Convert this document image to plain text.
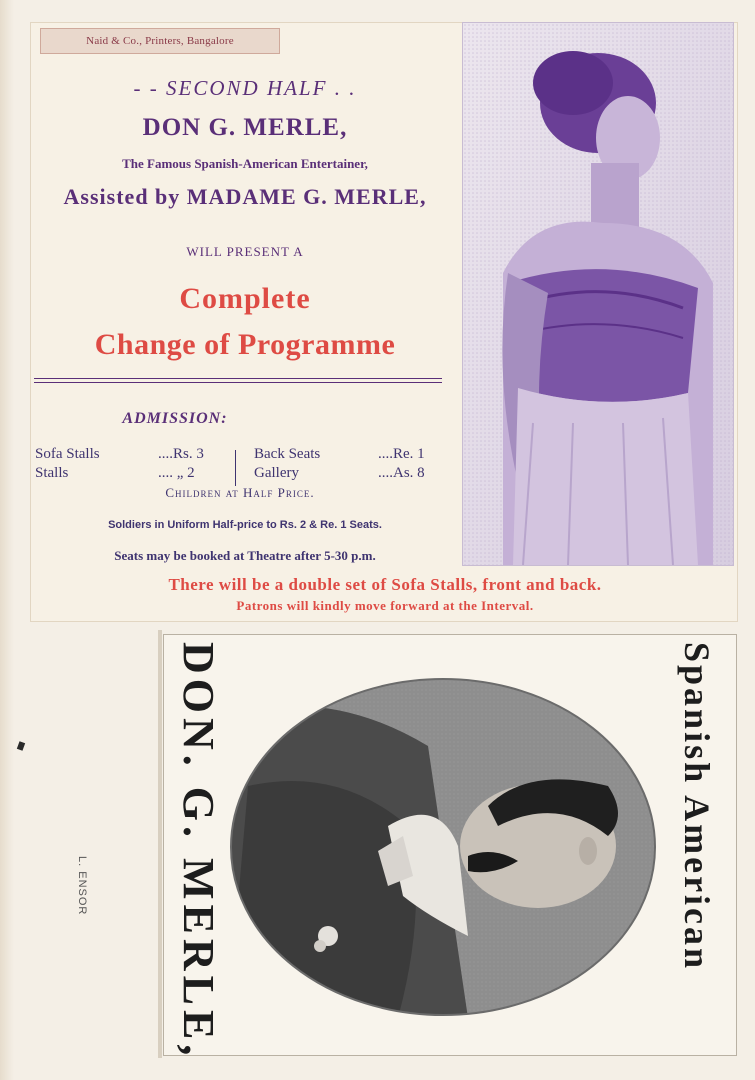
Naid & Co., Printers, Bangalore
- - SECOND HALF . .
DON G. MERLE,
The Famous Spanish-American Entertainer,
Assisted by MADAME G. MERLE,
WILL PRESENT A
Complete
Change of Programme
ADMISSION:
Sofa Stalls	....Rs. 3
Stalls	.... „ 2
Back Seats	....Re. 1
Gallery	....As. 8
Children at Half Price.
Soldiers in Uniform Half-price to Rs. 2 & Re. 1 Seats.
Seats may be booked at Theatre after 5-30 p.m.
There will be a double set of Sofa Stalls, front and back.
Patrons will kindly move forward at the Interval.
DON. G. MERLE,	Spanish American
L. ENSOR
